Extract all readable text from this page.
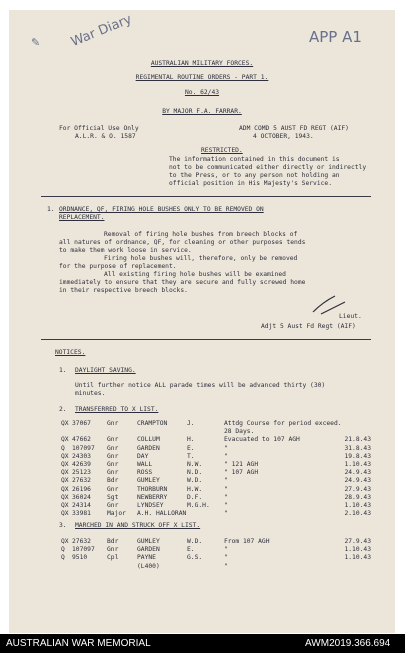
War Diary	APP A1
✎
AUSTRALIAN MILITARY FORCES.
REGIMENTAL ROUTINE ORDERS - PART 1.
No. 62/43
BY MAJOR F.A. FARRAR.
For Official Use Only
A.L.R. & O. 1587
ADM COMD 5 AUST FD REGT (AIF)
4 OCTOBER, 1943.
RESTRICTED.
The information contained in this document is
not to be communicated either directly or indirectly
to the Press, or to any person not holding an
official position in His Majesty's Service.
1. ORDNANCE, QF, FIRING HOLE BUSHES ONLY TO BE REMOVED ON
REPLACEMENT.
Removal of firing hole bushes from breech blocks of
all natures of ordnance, QF, for cleaning or other purposes tends
to make them work loose in service.
Firing hole bushes will, therefore, only be removed
for the purpose of replacement.
All existing firing hole bushes will be examined
immediately to ensure that they are secure and fully screwed home
in their respective breech blocks.
Lieut.
Adjt 5 Aust Fd Regt (AIF)
NOTICES.
1. DAYLIGHT SAVING.
Until further notice ALL parade times will be advanced thirty (30)
minutes.
2. TRANSFERRED TO X LIST.
QX 37067	Gnr	CRAMPTON	J.	Attdg Course for period exceed.
28 Days.
QX 47662	Gnr	COLLUM	H.	Evacuated to 107 AGH	21.8.43
Q 107097 Gnr	GARDEN	E.	"	31.8.43
QX 24303	Gnr	DAY	T.	"	19.8.43
QX 42639	Gnr	WALL	N.W.	" 121 AGH	1.10.43
QX 25123	Gnr	ROSS	N.D.	" 107 AGH	24.9.43
QX 27632	Bdr	GUMLEY	W.D.	"	24.9.43
QX 26196	Gnr	THORBURN	H.W.	"	27.9.43
QX 36024	Sgt	NEWBERRY	D.F.	"	28.9.43
QX 24314	Gnr	LYNDSEY	M.G.H. "	1.10.43
QX 33981	Major A.H. HALLORAN	"	2.10.43
3. MARCHED IN AND STRUCK OFF X LIST.
QX 27632	Bdr	GUMLEY	W.D.	From 107 AGH	27.9.43
Q 107097 Gnr	GARDEN	E.	"	1.10.43
Q 9510	Cpl	PAYNE	G.S.	"	1.10.43
(L400)	"
AUSTRALIAN WAR MEMORIAL	AWM2019.366.694
